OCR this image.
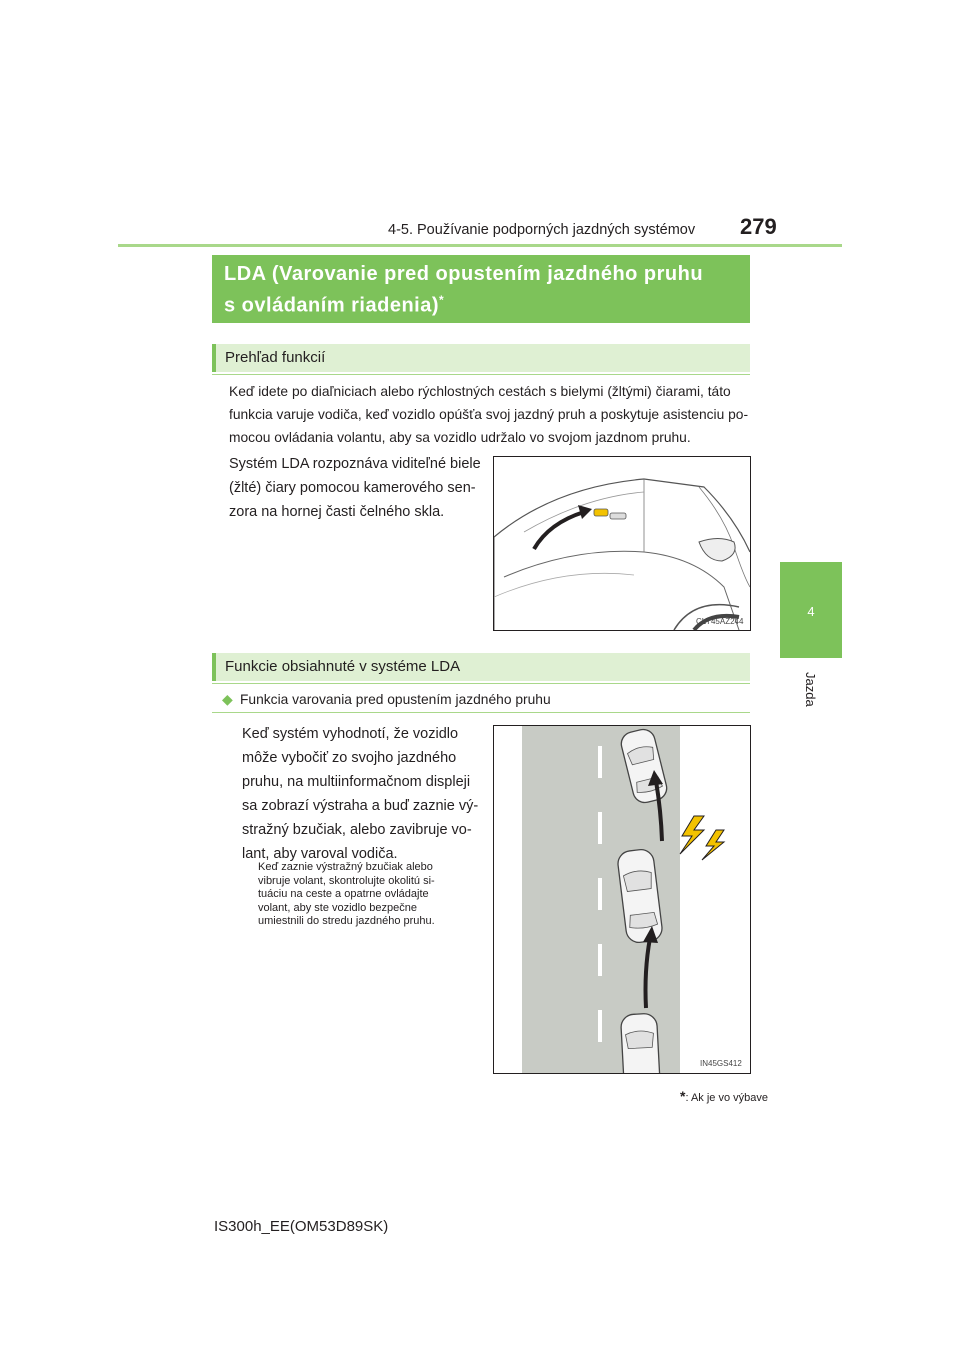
4-5. Používanie podporných jazdných systémov 279
4
Jazda
LDA (Varovanie pred opustením jazdného pruhu
s ovládaním riadenia)*
Prehľad funkcií
Keď idete po diaľniciach alebo rýchlostných cestách s bielymi (žltými) čiarami, táto
funkcia varuje vodiča, keď vozidlo opúšťa svoj jazdný pruh a poskytuje asistenciu po-
mocou ovládania volantu, aby sa vozidlo udržalo vo svojom jazdnom pruhu.
Systém LDA rozpoznáva viditeľné biele
(žlté) čiary pomocou kamerového sen-
zora na hornej časti čelného skla.
CLY45AZ244
Funkcie obsiahnuté v systéme LDA
◆ Funkcia varovania pred opustením jazdného pruhu
Keď systém vyhodnotí, že vozidlo
môže vybočiť zo svojho jazdného
pruhu, na multiinformačnom displeji
sa zobrazí výstraha a buď zaznie vý-
stražný bzučiak, alebo zavibruje vo-
lant, aby varoval vodiča.
Keď zaznie výstražný bzučiak alebo
vibruje volant, skontrolujte okolitú si-
tuáciu na ceste a opatrne ovládajte
volant, aby ste vozidlo bezpečne
umiestnili do stredu jazdného pruhu.
IN45GS412
*: Ak je vo výbave
IS300h_EE(OM53D89SK)
